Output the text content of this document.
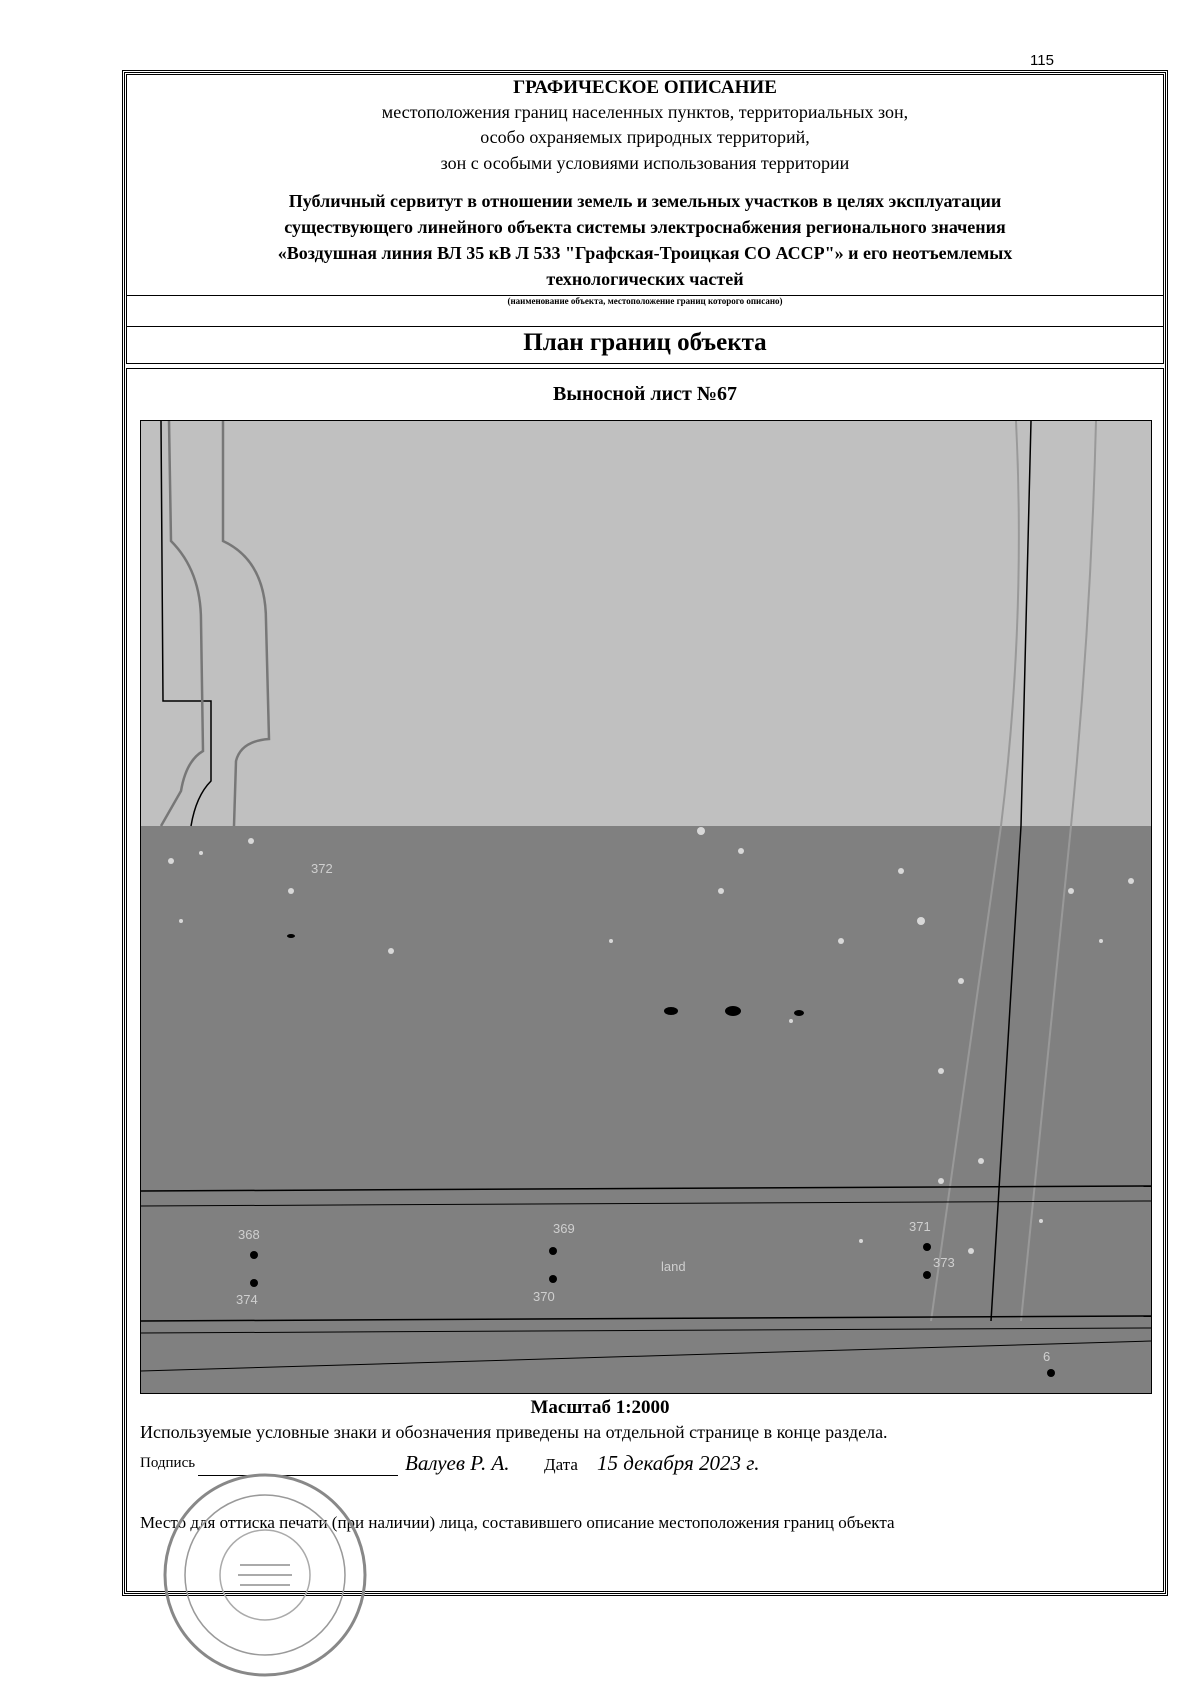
115
ГРАФИЧЕСКОЕ ОПИСАНИЕ
местоположения границ населенных пунктов, территориальных зон,
особо охраняемых природных территорий,
зон с особыми условиями использования территории
Публичный сервитут в отношении земель и земельных участков в целях эксплуатации
существующего линейного объекта системы электроснабжения регионального значения
«Воздушная линия ВЛ 35 кВ Л 533 "Графская-Троицкая СО АССР"» и его неотъемлемых
технологических частей
(наименование объекта, местоположение границ которого описано)
План границ объекта
Выносной лист №67
368	369
370
371
374
373
372
6
land
Масштаб 1:2000
Используемые условные знаки и обозначения приведены на отдельной странице в конце раздела.
Подпись	Валуев Р. А. Дата 15 декабря 2023 г.
Место для оттиска печати (при наличии) лица, составившего описание местоположения границ объекта
